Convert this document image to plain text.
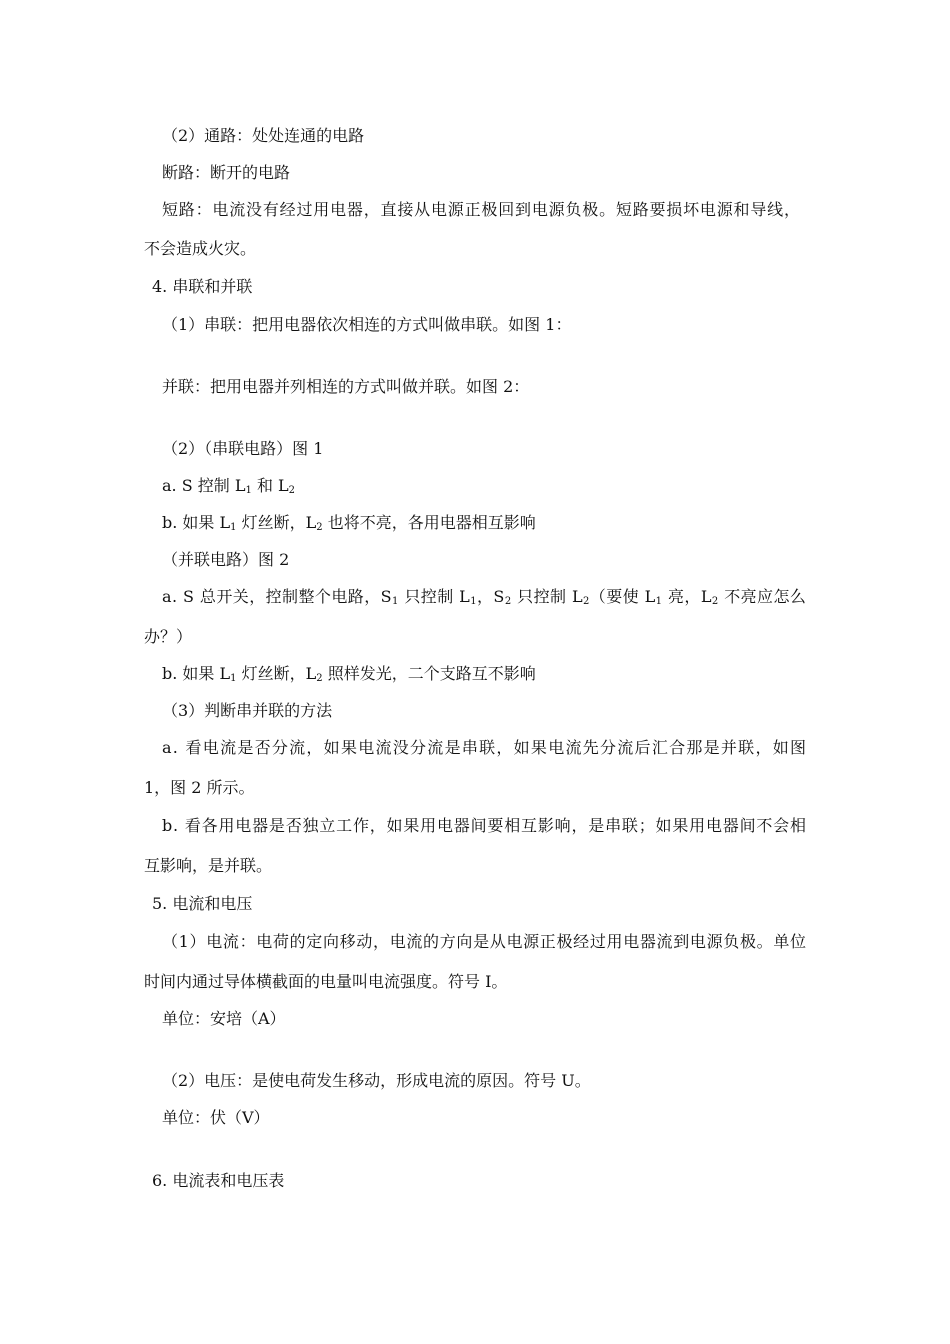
（2）通路：处处连通的电路
断路：断开的电路
短路：电流没有经过用电器，直接从电源正极回到电源负极。短路要损坏电源和导线，
不会造成火灾。
4. 串联和并联
（1）串联：把用电器依次相连的方式叫做串联。如图 1：
并联：把用电器并列相连的方式叫做并联。如图 2：
（2）（串联电路）图 1
a. S 控制 $L_1$ 和 $L_2$
b. 如果 $L_1$ 灯丝断，$L_2$ 也将不亮，各用电器相互影响
（并联电路）图 2
a. S 总开关，控制整个电路，$S_1$ 只控制 $L_1$，$S_2$ 只控制 $L_2$（要使 $L_1$ 亮，$L_2$ 不亮应怎么
办？）
b. 如果 $L_1$ 灯丝断，$L_2$ 照样发光，二个支路互不影响
（3）判断串并联的方法
a. 看电流是否分流，如果电流没分流是串联，如果电流先分流后汇合那是并联，如图
1，图 2 所示。
b. 看各用电器是否独立工作，如果用电器间要相互影响，是串联；如果用电器间不会相
互影响，是并联。
5. 电流和电压
（1）电流：电荷的定向移动，电流的方向是从电源正极经过用电器流到电源负极。单位
时间内通过导体横截面的电量叫电流强度。符号 I。
单位：安培（A）
（2）电压：是使电荷发生移动，形成电流的原因。符号 U。
单位：伏（V）
6. 电流表和电压表
